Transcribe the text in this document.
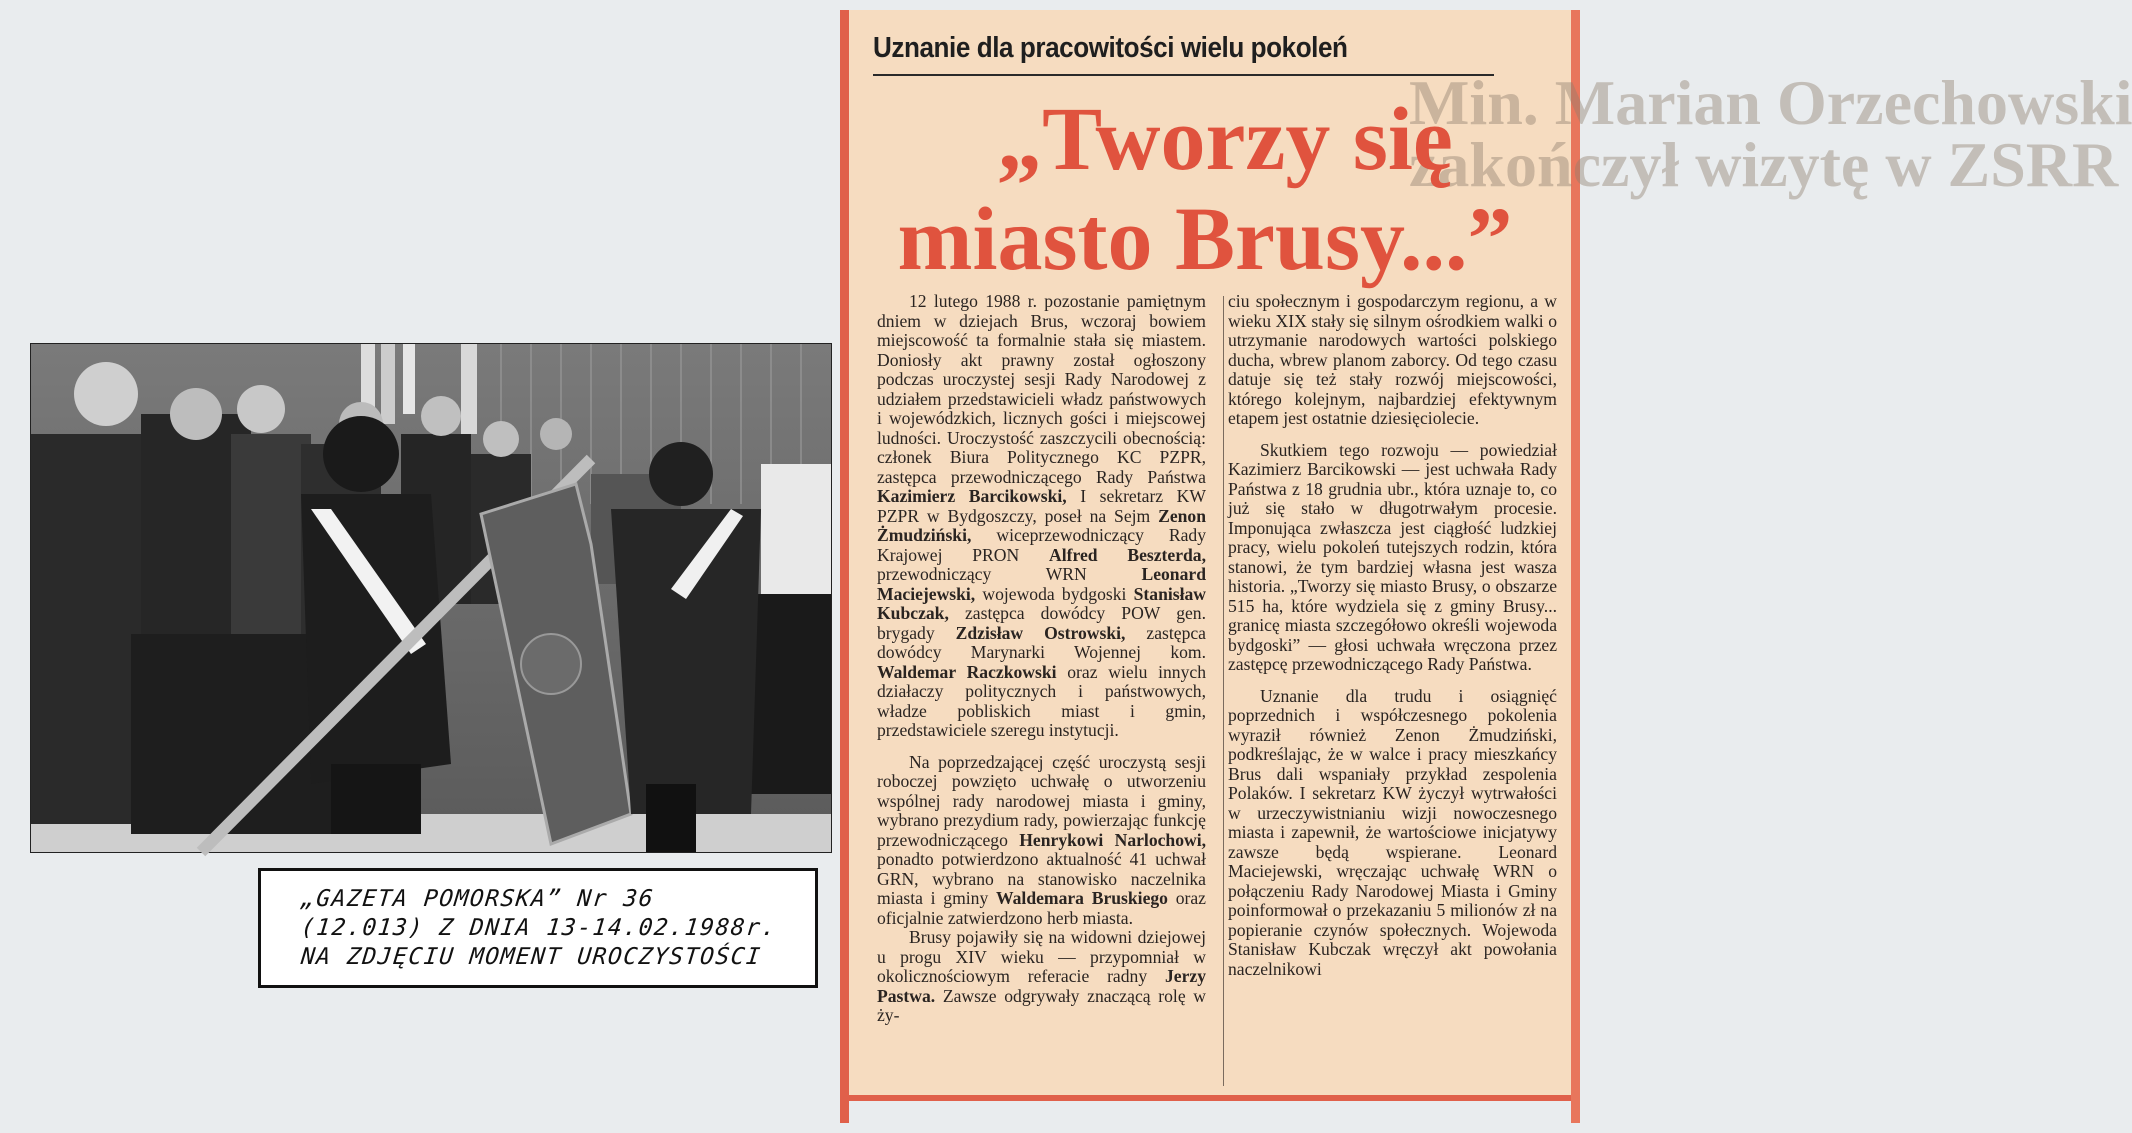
„GAZETA POMORSKA” Nr 36
(12.013) Z DNIA 13-14.02.1988r.
NA ZDJĘCIU MOMENT UROCZYSTOŚCI
Min. Marian Orzechowski
zakończył wizytę w ZSRR
Uznanie dla pracowitości wielu pokoleń
„Tworzy się
miasto Brusy...”

12 lutego 1988 r. pozostanie pamiętnym dniem w dziejach Brus, wczoraj bowiem miejscowość ta formalnie stała się miastem. Doniosły akt prawny został ogłoszony podczas uroczystej sesji Rady Narodowej z udziałem przedstawicieli władz państwowych i wojewódzkich, licznych gości i miejscowej ludności. Uroczystość zaszczycili obecnością: członek Biura Politycznego KC PZPR, zastępca przewodniczącego Rady Państwa Kazimierz Barcikowski, I sekretarz KW PZPR w Bydgoszczy, poseł na Sejm Zenon Żmudziński, wiceprzewodniczący Rady Krajowej PRON Alfred Beszterda, przewodniczący WRN Leonard Maciejewski, wojewoda bydgoski Stanisław Kubczak, zastępca dowódcy POW gen. brygady Zdzisław Ostrowski, zastępca dowódcy Marynarki Wojennej kom. Waldemar Raczkowski oraz wielu innych działaczy politycznych i państwowych, władze pobliskich miast i gmin, przedstawiciele szeregu instytucji.

Na poprzedzającej część uroczystą sesji roboczej powzięto uchwałę o utworzeniu wspólnej rady narodowej miasta i gminy, wybrano prezydium rady, powierzając funkcję przewodniczącego Henrykowi Narlochowi, ponadto potwierdzono aktualność 41 uchwał GRN, wybrano na stanowisko naczelnika miasta i gminy Waldemara Bruskiego oraz oficjalnie zatwierdzono herb miasta.

Brusy pojawiły się na widowni dziejowej u progu XIV wieku — przypomniał w okolicznościowym referacie radny Jerzy Pastwa. Zawsze odgrywały znaczącą rolę w ży-

ciu społecznym i gospodarczym regionu, a w wieku XIX stały się silnym ośrodkiem walki o utrzymanie narodowych wartości polskiego ducha, wbrew planom zaborcy. Od tego czasu datuje się też stały rozwój miejscowości, którego kolejnym, najbardziej efektywnym etapem jest ostatnie dziesięciolecie.

Skutkiem tego rozwoju — powiedział Kazimierz Barcikowski — jest uchwała Rady Państwa z 18 grudnia ubr., która uznaje to, co już się stało w długotrwałym procesie. Imponująca zwłaszcza jest ciągłość ludzkiej pracy, wielu pokoleń tutejszych rodzin, która stanowi, że tym bardziej własna jest wasza historia. „Tworzy się miasto Brusy, o obszarze 515 ha, które wydziela się z gminy Brusy... granicę miasta szczegółowo określi wojewoda bydgoski” — głosi uchwała wręczona przez zastępcę przewodniczącego Rady Państwa.

Uznanie dla trudu i osiągnięć poprzednich i współczesnego pokolenia wyraził również Zenon Żmudziński, podkreślając, że w walce i pracy mieszkańcy Brus dali wspaniały przykład zespolenia Polaków. I sekretarz KW życzył wytrwałości w urzeczywistnianiu wizji nowoczesnego miasta i zapewnił, że wartościowe inicjatywy zawsze będą wspierane. Leonard Maciejewski, wręczając uchwałę WRN o połączeniu Rady Narodowej Miasta i Gminy poinformował o przekazaniu 5 milionów zł na popieranie czynów społecznych. Wojewoda Stanisław Kubczak wręczył akt powołania naczelnikowi
